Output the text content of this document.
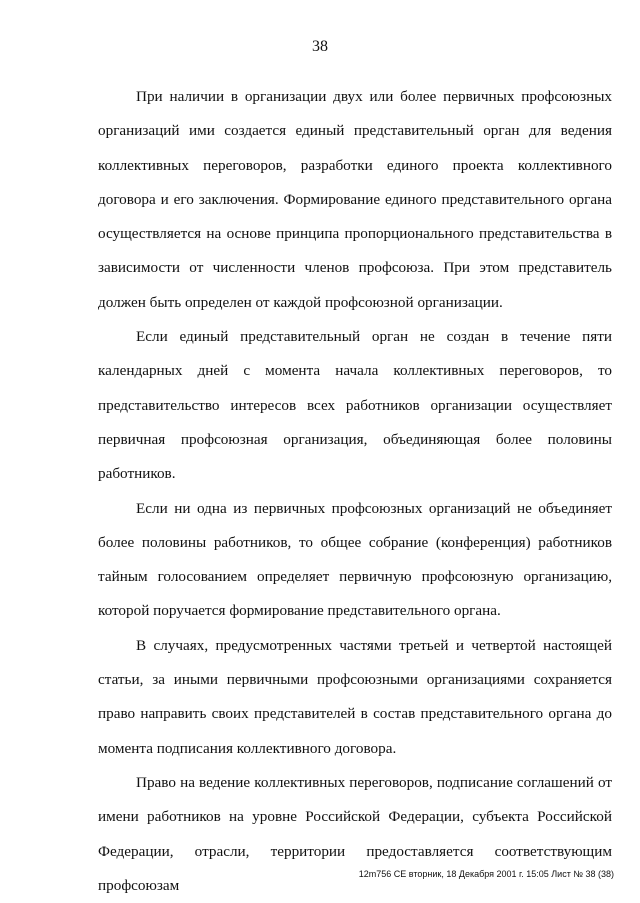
38

При наличии в организации двух или более первичных профсоюзных организаций ими создается единый представительный орган для ведения коллективных переговоров, разработки единого проекта коллективного договора и его заключения. Формирование единого представительного органа осуществляется на основе принципа пропорционального представительства в зависимости от численности членов профсоюза. При этом представитель должен быть определен от каждой профсоюзной организации.

Если единый представительный орган не создан в течение пяти календарных дней с момента начала коллективных переговоров, то представительство интересов всех работников организации осуществляет первичная профсоюзная организация, объединяющая более половины работников.

Если ни одна из первичных профсоюзных организаций не объединяет более половины работников, то общее собрание (конференция) работников тайным голосованием определяет первичную профсоюзную организацию, которой поручается формирование представительного органа.

В случаях, предусмотренных частями третьей и четвертой настоящей статьи, за иными первичными профсоюзными организациями сохраняется право направить своих представителей в состав представительного органа до момента подписания коллективного договора.

Право на ведение коллективных переговоров, подписание соглашений от имени работников на уровне Российской Федерации, субъекта Российской Федерации, отрасли, территории предоставляется соответствующим профсоюзам

12m756 СЕ вторник, 18 Декабря 2001 г. 15:05 Лист № 38 (38)
